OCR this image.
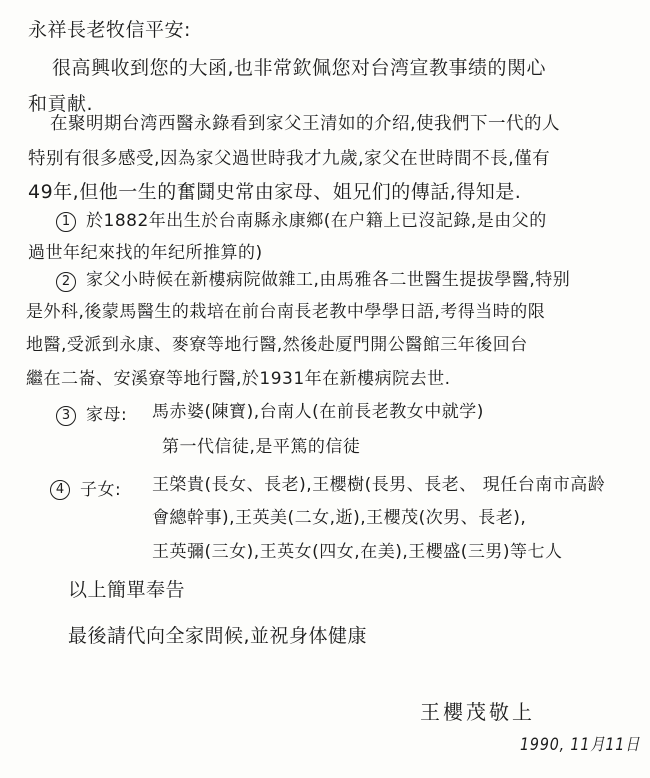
永祥長老牧信平安:
很高興收到您的大函,也非常欽佩您对台湾宣教事绩的関心
和貢献.
在聚明期台湾西醫永錄看到家父王清如的介绍,使我們下一代的人
特别有很多感受,因為家父過世時我才九歲,家父在世時間不長,僅有
49年,但他一生的奮鬪史常由家母、姐兄们的傳話,得知是.
1 於1882年出生於台南縣永康鄉(在户籍上已沒記錄,是由父的
過世年纪來找的年纪所推算的)
2 家父小時候在新樓病院做雜工,由馬雅各二世醫生提拔學醫,特别
是外科,後蒙馬醫生的栽培在前台南長老教中學學日語,考得当時的限
地醫,受派到永康、麥寮等地行醫,然後赴厦門開公醫館三年後回台
繼在二崙、安溪寮等地行醫,於1931年在新樓病院去世.
3 家母: 馬赤婆(陳寶),台南人(在前長老教女中就学)
第一代信徒,是平篤的信徒
4 子女: 王棨貴(長女、長老),王櫻樹(長男、長老、 現任台南市高龄
會總幹事),王英美(二女,逝),王櫻茂(次男、長老),
王英彌(三女),王英女(四女,在美),王櫻盛(三男)等七人
以上簡單奉告
最後請代向全家問候,並祝身体健康
王櫻茂敬上
1990, 11月11日
